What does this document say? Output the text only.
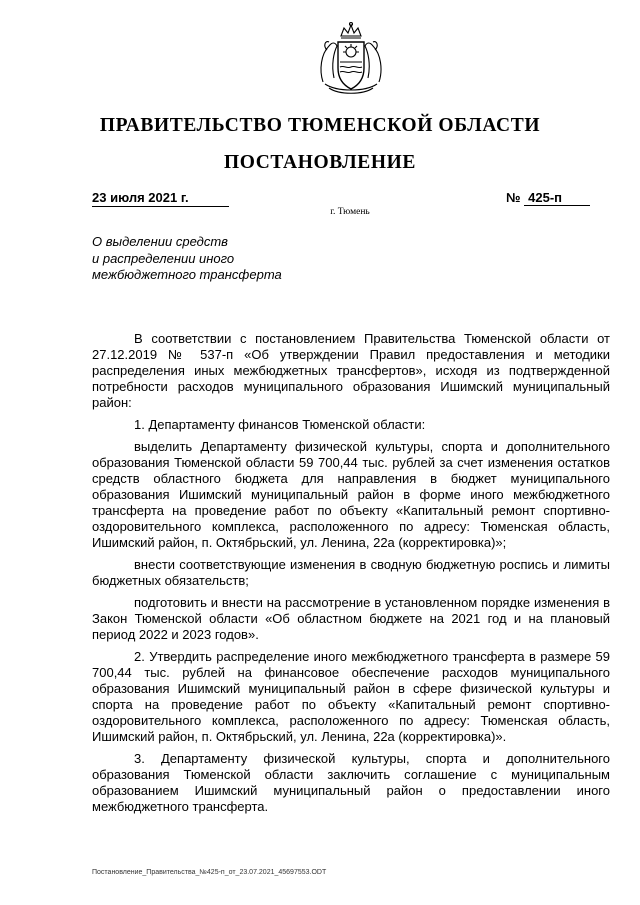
ПРАВИТЕЛЬСТВО ТЮМЕНСКОЙ ОБЛАСТИ
ПОСТАНОВЛЕНИЕ
23 июля 2021 г.	№ 425-п
г. Тюмень
О выделении средств
и распределении иного
межбюджетного трансферта

В соответствии с постановлением Правительства Тюменской области от 27.12.2019 № 537-п «Об утверждении Правил предоставления и методики распределения иных межбюджетных трансфертов», исходя из подтвержденной потребности расходов муниципального образования Ишимский муниципальный район:

1. Департаменту финансов Тюменской области:

выделить Департаменту физической культуры, спорта и дополнительного образования Тюменской области 59 700,44 тыс. рублей за счет изменения остатков средств областного бюджета для направления в бюджет муниципального образования Ишимский муниципальный район в форме иного межбюджетного трансферта на проведение работ по объекту «Капитальный ремонт спортивно-оздоровительного комплекса, расположенного по адресу: Тюменская область, Ишимский район, п. Октябрьский, ул. Ленина, 22а (корректировка)»;

внести соответствующие изменения в сводную бюджетную роспись и лимиты бюджетных обязательств;

подготовить и внести на рассмотрение в установленном порядке изменения в Закон Тюменской области «Об областном бюджете на 2021 год и на плановый период 2022 и 2023 годов».

2. Утвердить распределение иного межбюджетного трансферта в размере 59 700,44 тыс. рублей на финансовое обеспечение расходов муниципального образования Ишимский муниципальный район в сфере физической культуры и спорта на проведение работ по объекту «Капитальный ремонт спортивно-оздоровительного комплекса, расположенного по адресу: Тюменская область, Ишимский район, п. Октябрьский, ул. Ленина, 22а (корректировка)».

3. Департаменту физической культуры, спорта и дополнительного образования Тюменской области заключить соглашение с муниципальным образованием Ишимский муниципальный район о предоставлении иного межбюджетного трансферта.

Постановление_Правительства_№425-п_от_23.07.2021_45697553.ODT
